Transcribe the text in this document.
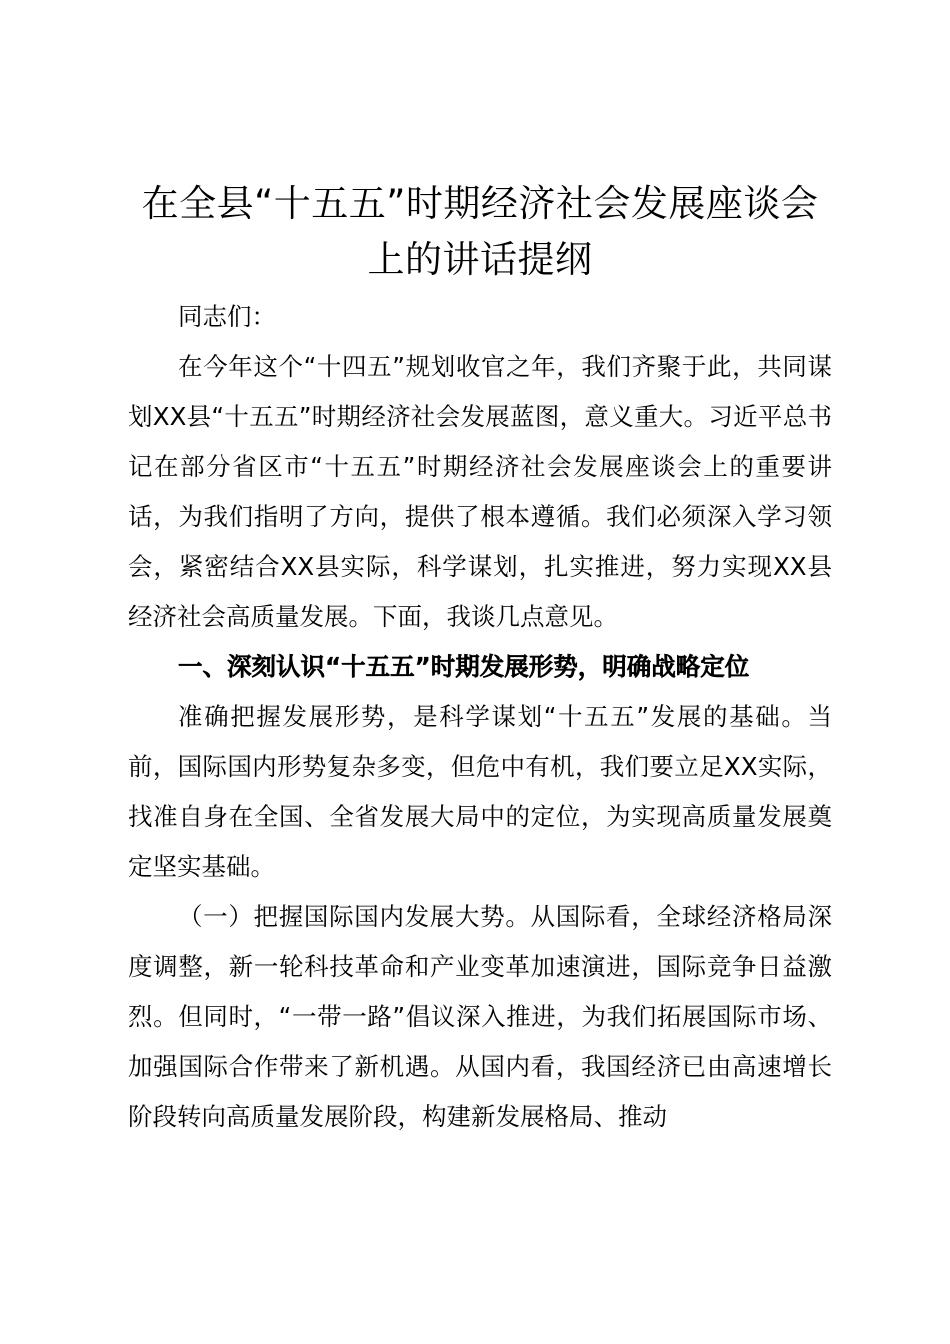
在全县“十五五”时期经济社会发展座谈会上的讲话提纲

同志们：

在今年这个“十四五”规划收官之年，我们齐聚于此，共同谋划XX县“十五五”时期经济社会发展蓝图，意义重大。习近平总书记在部分省区市“十五五”时期经济社会发展座谈会上的重要讲话，为我们指明了方向，提供了根本遵循。我们必须深入学习领会，紧密结合XX县实际，科学谋划，扎实推进，努力实现XX县经济社会高质量发展。下面，我谈几点意见。

一、深刻认识“十五五”时期发展形势，明确战略定位

准确把握发展形势，是科学谋划“十五五”发展的基础。当前，国际国内形势复杂多变，但危中有机，我们要立足XX实际，找准自身在全国、全省发展大局中的定位，为实现高质量发展奠定坚实基础。

（一）把握国际国内发展大势。从国际看，全球经济格局深度调整，新一轮科技革命和产业变革加速演进，国际竞争日益激烈。但同时，“一带一路”倡议深入推进，为我们拓展国际市场、加强国际合作带来了新机遇。从国内看，我国经济已由高速增长阶段转向高质量发展阶段，构建新发展格局、推动
